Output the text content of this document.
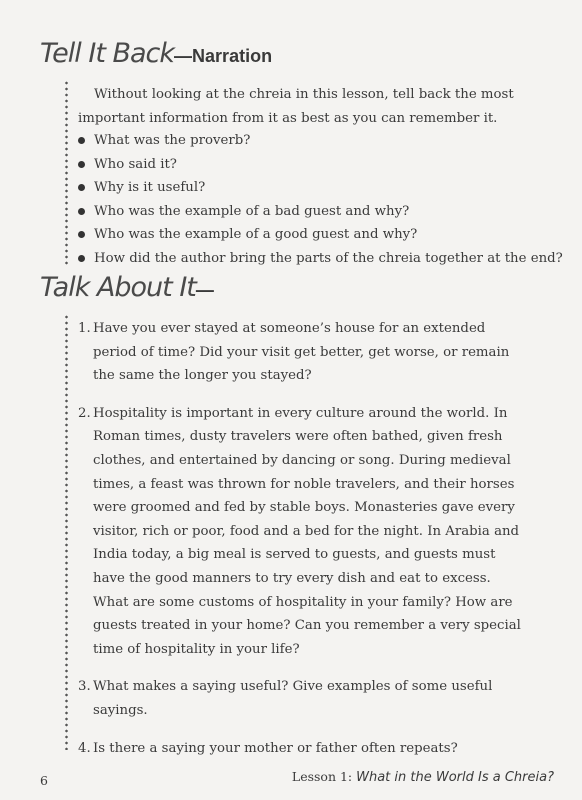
Tell It Back—Narration

Without looking at the chreia in this lesson, tell back the most important information from it as best as you can remember it.

What was the proverb?
Who said it?
Why is it useful?
Who was the example of a bad guest and why?
Who was the example of a good guest and why?
How did the author bring the parts of the chreia together at the end?
Talk About It—
1. Have you ever stayed at someone’s house for an extended period of time? Did your visit get better, get worse, or remain the same the longer you stayed?
2. Hospitality is important in every culture around the world. In Roman times, dusty travelers were often bathed, given fresh clothes, and entertained by dancing or song. During medieval times, a feast was thrown for noble travelers, and their horses were groomed and fed by stable boys. Monasteries gave every visitor, rich or poor, food and a bed for the night. In Arabia and India today, a big meal is served to guests, and guests must have the good manners to try every dish and eat to excess. What are some customs of hospitality in your family? How are guests treated in your home? Can you remember a very special time of hospitality in your life?
3. What makes a saying useful? Give examples of some useful sayings.
4. Is there a saying your mother or father often repeats?
6	Lesson 1: What in the World Is a Chreia?
